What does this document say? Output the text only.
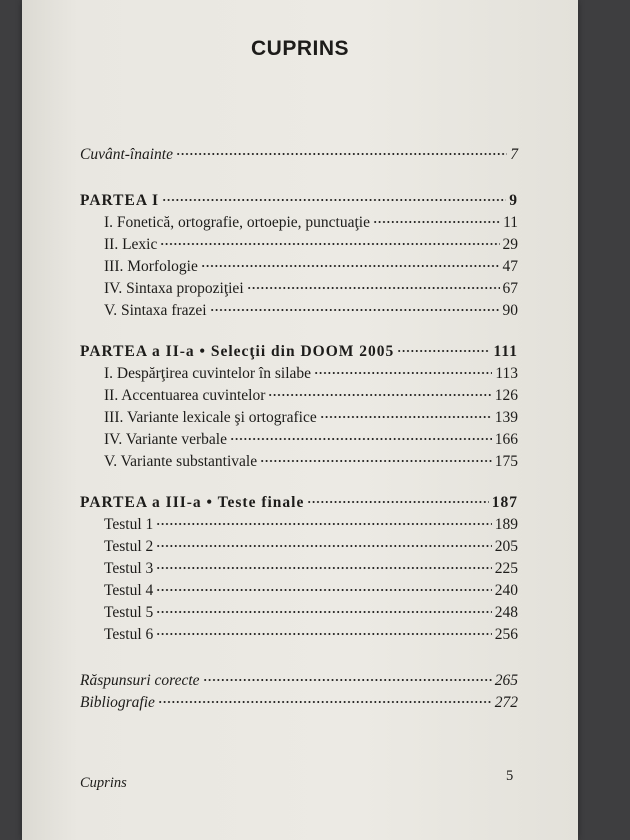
CUPRINS
Cuvânt-înainte	7
PARTEA I	9
I. Fonetică, ortografie, ortoepie, punctuaţie	11
II. Lexic	29
III. Morfologie	47
IV. Sintaxa propoziţiei	67
V. Sintaxa frazei	90
PARTEA a II-a • Selecţii din DOOM 2005	111
I. Despărţirea cuvintelor în silabe	113
II. Accentuarea cuvintelor	126
III. Variante lexicale şi ortografice	139
IV. Variante verbale	166
V. Variante substantivale	175
PARTEA a III-a • Teste finale	187
Testul 1	189
Testul 2	205
Testul 3	225
Testul 4	240
Testul 5	248
Testul 6	256
Răspunsuri corecte	265
Bibliografie	272
Cuprins	5
